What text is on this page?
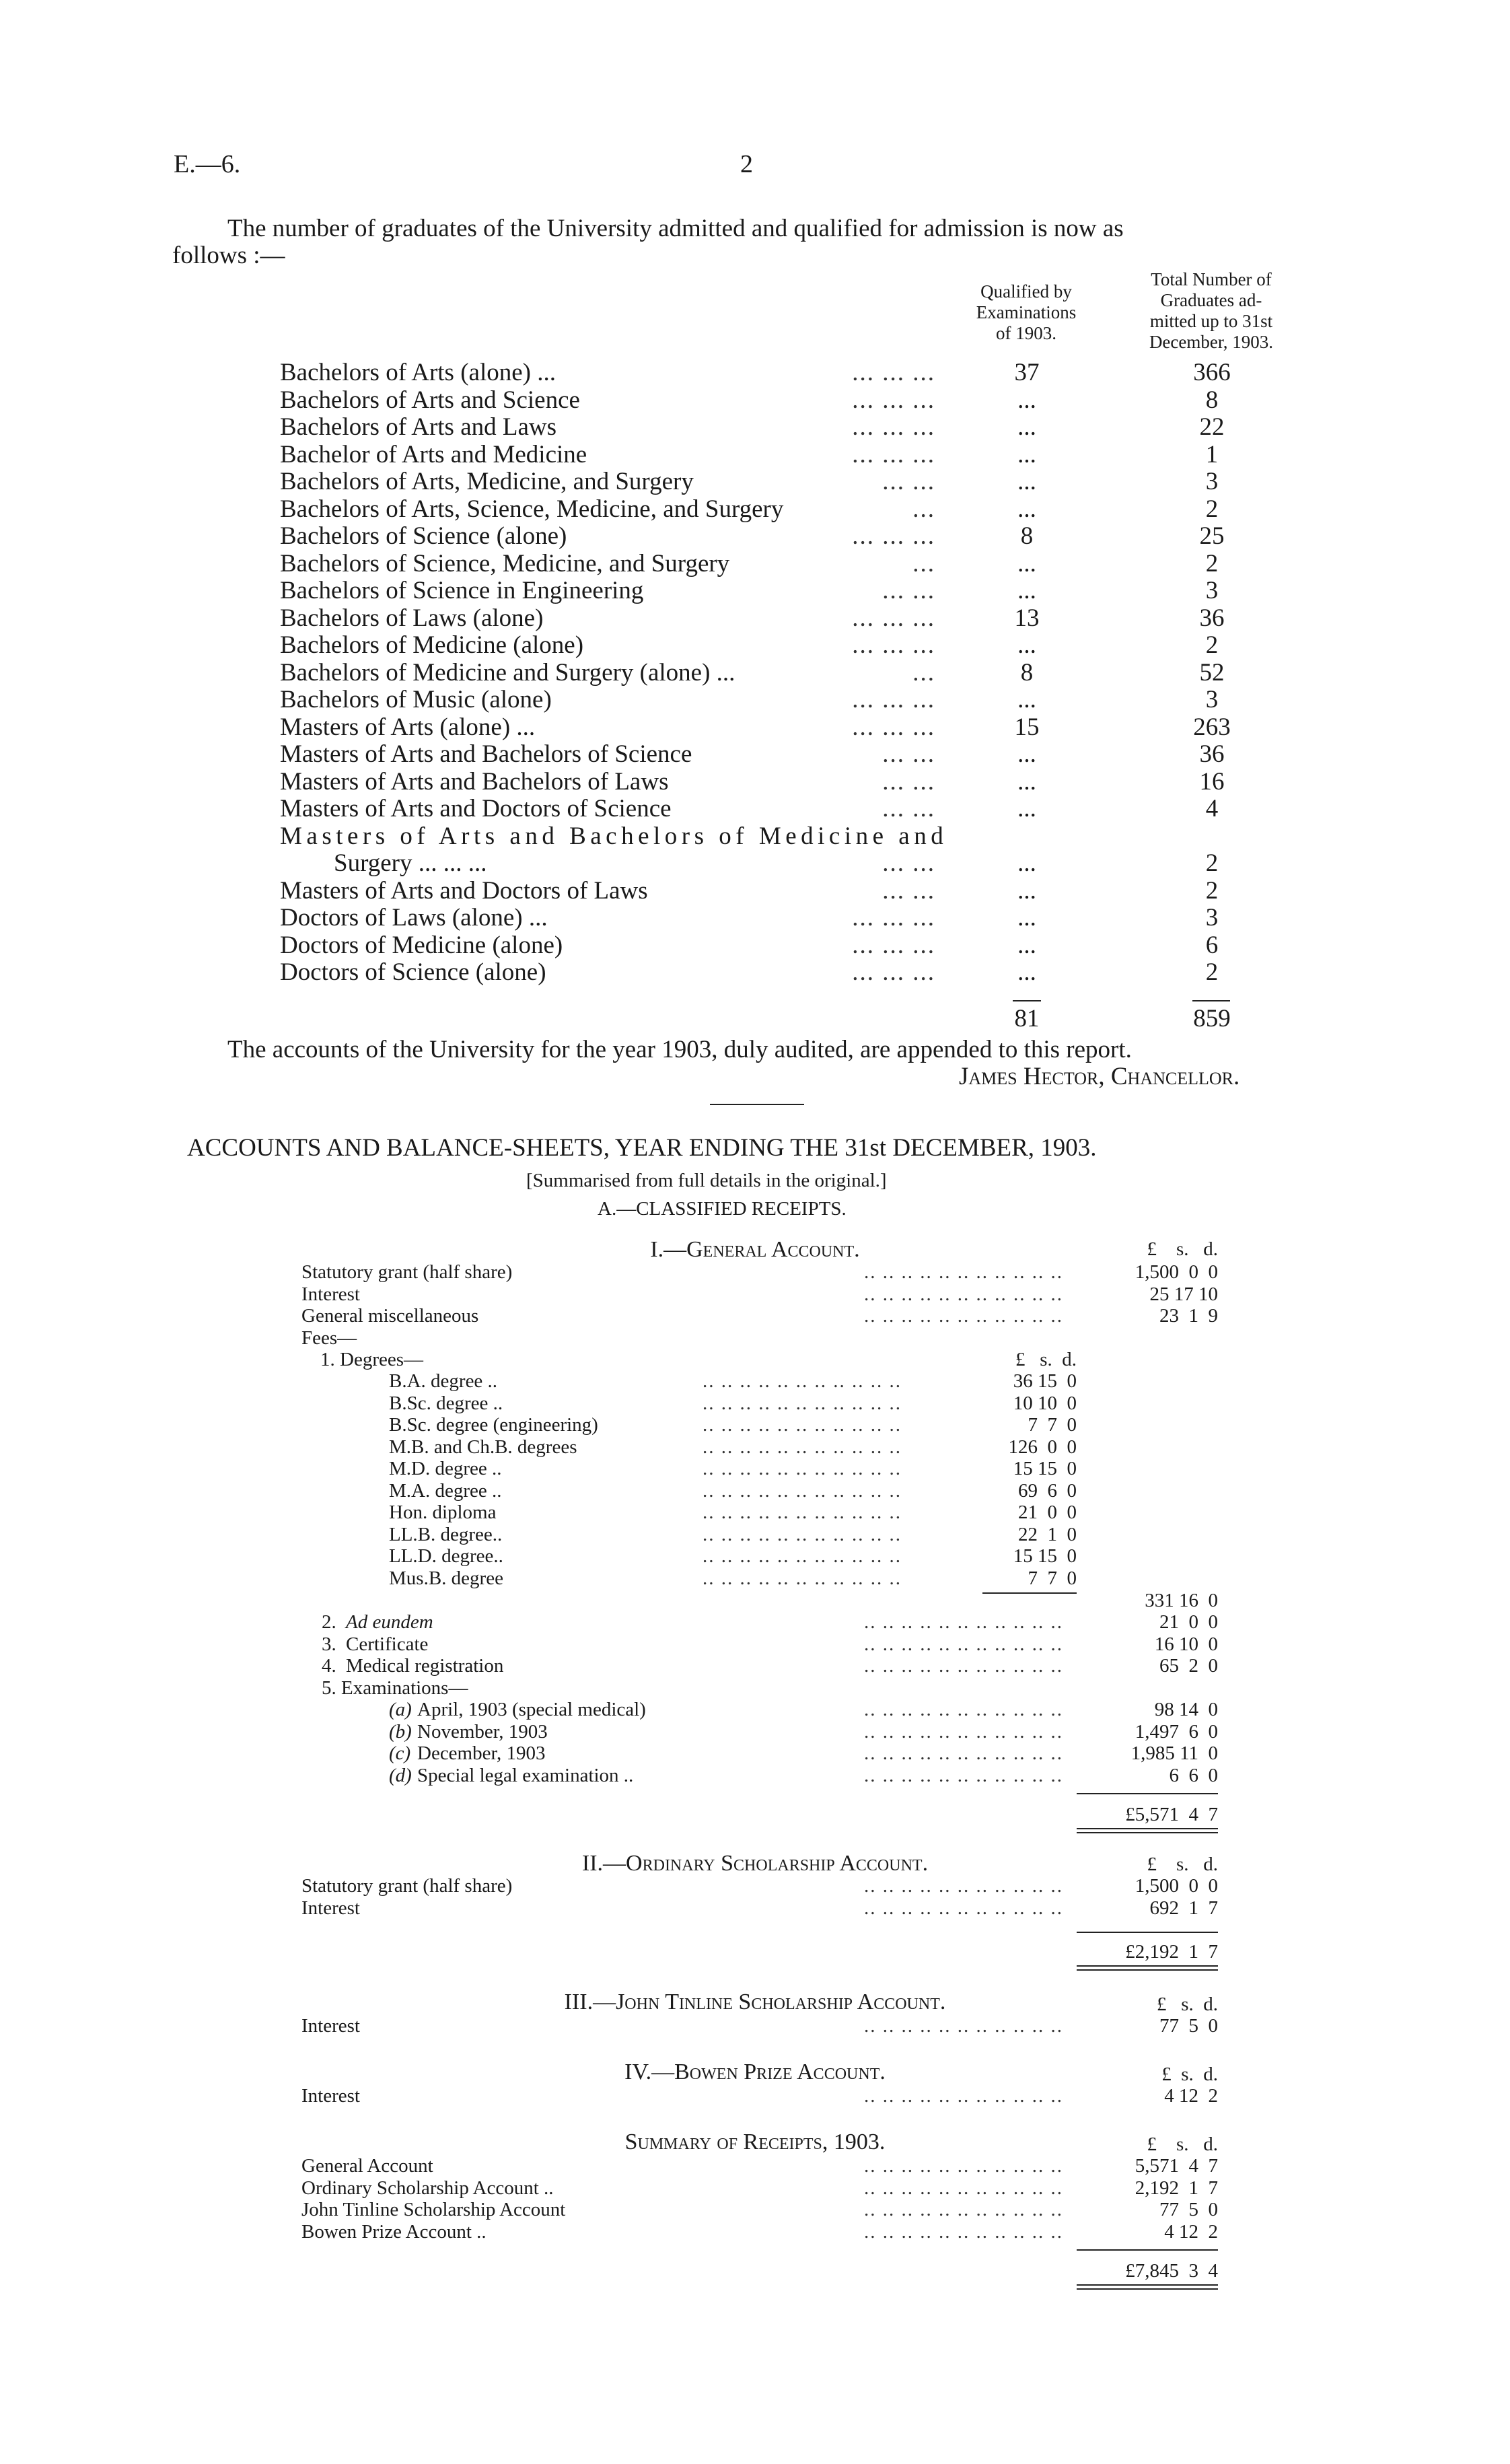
E.—6.	2
The number of graduates of the University admitted and qualified for admission is now as
follows :—
Qualified by
Examinations
of 1903.
Total Number of
Graduates ad-
mitted up to 31st
December, 1903.
Bachelors of Arts (alone) ...	... ... ...	37	366
Bachelors of Arts and Science	... ... ...	...	8
Bachelors of Arts and Laws	... ... ...	...	22
Bachelor of Arts and Medicine	... ... ...	...	1
Bachelors of Arts, Medicine, and Surgery	... ...	...	3
Bachelors of Arts, Science, Medicine, and Surgery	...	...	2
Bachelors of Science (alone)	... ... ...	8	25
Bachelors of Science, Medicine, and Surgery	...	...	2
Bachelors of Science in Engineering	... ...	...	3
Bachelors of Laws (alone)	... ... ...	13	36
Bachelors of Medicine (alone)	... ... ...	...	2
Bachelors of Medicine and Surgery (alone) ...	...	8	52
Bachelors of Music (alone)	... ... ...	...	3
Masters of Arts (alone) ...	... ... ...	15	263
Masters of Arts and Bachelors of Science	... ...	...	36
Masters of Arts and Bachelors of Laws	... ...	...	16
Masters of Arts and Doctors of Science	... ...	...	4
Masters of Arts and Bachelors of Medicine and
Surgery ... ... ...	... ...	...	2
Masters of Arts and Doctors of Laws	... ...	...	2
Doctors of Laws (alone) ...	... ... ...	...	3
Doctors of Medicine (alone)	... ... ...	...	6
Doctors of Science (alone)	... ... ...	...	2
81	859
The accounts of the University for the year 1903, duly audited, are appended to this report.
James Hector, Chancellor.
ACCOUNTS AND BALANCE-SHEETS, YEAR ENDING THE 31st DECEMBER, 1903.
[Summarised from full details in the original.]
A.—CLASSIFIED RECEIPTS.
I.—General Account.	£    s.   d.
Statutory grant (half share)	.. .. .. .. .. .. .. .. .. .. ..	1,500  0  0
Interest	.. .. .. .. .. .. .. .. .. .. ..	25 17 10
General miscellaneous	.. .. .. .. .. .. .. .. .. .. ..	23  1  9
Fees—
1. Degrees—	£   s.  d.
B.A. degree ..	.. .. .. .. .. .. .. .. .. .. ..	36 15  0
B.Sc. degree ..	.. .. .. .. .. .. .. .. .. .. ..	10 10  0
B.Sc. degree (engineering)	.. .. .. .. .. .. .. .. .. .. ..	7  7  0
M.B. and Ch.B. degrees	.. .. .. .. .. .. .. .. .. .. ..	126  0  0
M.D. degree ..	.. .. .. .. .. .. .. .. .. .. ..	15 15  0
M.A. degree ..	.. .. .. .. .. .. .. .. .. .. ..	69  6  0
Hon. diploma	.. .. .. .. .. .. .. .. .. .. ..	21  0  0
LL.B. degree..	.. .. .. .. .. .. .. .. .. .. ..	22  1  0
LL.D. degree..	.. .. .. .. .. .. .. .. .. .. ..	15 15  0
Mus.B. degree	.. .. .. .. .. .. .. .. .. .. ..	7  7  0
331 16  0
2. Ad eundem	.. .. .. .. .. .. .. .. .. .. ..	21  0  0
3. Certificate	.. .. .. .. .. .. .. .. .. .. ..	16 10  0
4. Medical registration	.. .. .. .. .. .. .. .. .. .. ..	65  2  0
5. Examinations—
(a) April, 1903 (special medical)	.. .. .. .. .. .. .. .. .. .. ..	98 14  0
(b) November, 1903	.. .. .. .. .. .. .. .. .. .. ..	1,497  6  0
(c) December, 1903	.. .. .. .. .. .. .. .. .. .. ..	1,985 11  0
(d) Special legal examination ..	.. .. .. .. .. .. .. .. .. .. ..	6  6  0
£5,571  4  7
II.—Ordinary Scholarship Account.	£    s.   d.
Statutory grant (half share)	.. .. .. .. .. .. .. .. .. .. ..	1,500  0  0
Interest	.. .. .. .. .. .. .. .. .. .. ..	692  1  7
£2,192  1  7
III.—John Tinline Scholarship Account.	£   s.  d.
Interest	.. .. .. .. .. .. .. .. .. .. ..	77  5  0
IV.—Bowen Prize Account.	£  s.  d.
Interest	.. .. .. .. .. .. .. .. .. .. ..	4 12  2
Summary of Receipts, 1903.	£    s.   d.
General Account	.. .. .. .. .. .. .. .. .. .. ..	5,571  4  7
Ordinary Scholarship Account ..	.. .. .. .. .. .. .. .. .. .. ..	2,192  1  7
John Tinline Scholarship Account	.. .. .. .. .. .. .. .. .. .. ..	77  5  0
Bowen Prize Account ..	.. .. .. .. .. .. .. .. .. .. ..	4 12  2
£7,845  3  4
